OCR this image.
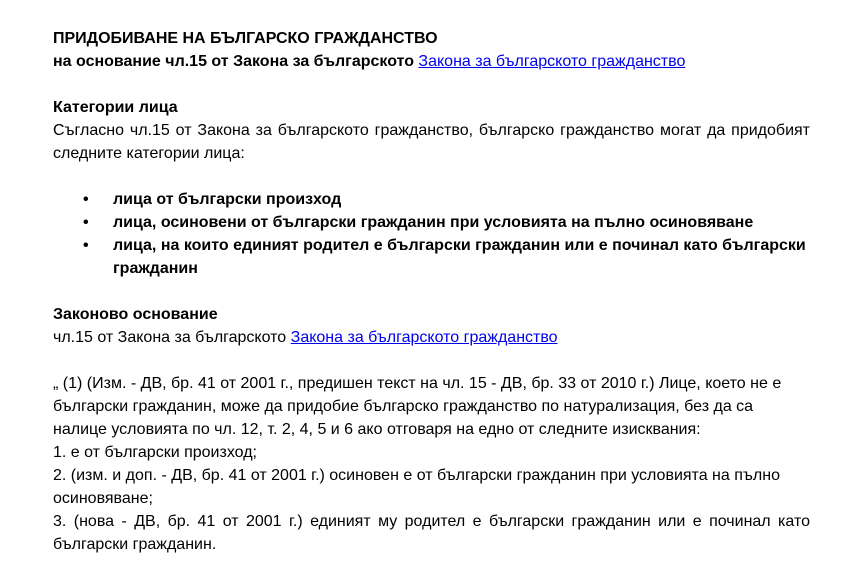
ПРИДОБИВАНЕ НА БЪЛГАРСКО ГРАЖДАНСТВО

на основание чл.15 от Закона за българското Закона за българското гражданство

Категории лица

Съгласно чл.15 от Закона за българското гражданство, българско гражданство могат да придобият следните категории лица:

• лица от български произход
• лица, осиновени от български гражданин при условията на пълно осиновяване
• лица, на които единият родител е български гражданин или е починал като български гражданин

Законово основание

чл.15 от Закона за българското Закона за българското гражданство

„ (1) (Изм. - ДВ, бр. 41 от 2001 г., предишен текст на чл. 15 - ДВ, бр. 33 от 2010 г.) Лице, което не е български гражданин, може да придобие българско гражданство по натурализация, без да са налице условията по чл. 12, т. 2, 4, 5 и 6 ако отговаря на едно от следните изисквания:

1. е от български произход;

2. (изм. и доп. - ДВ, бр. 41 от 2001 г.) осиновен е от български гражданин при условията на пълно осиновяване;

3. (нова - ДВ, бр. 41 от 2001 г.) единият му родител е български гражданин или е починал като български гражданин.
